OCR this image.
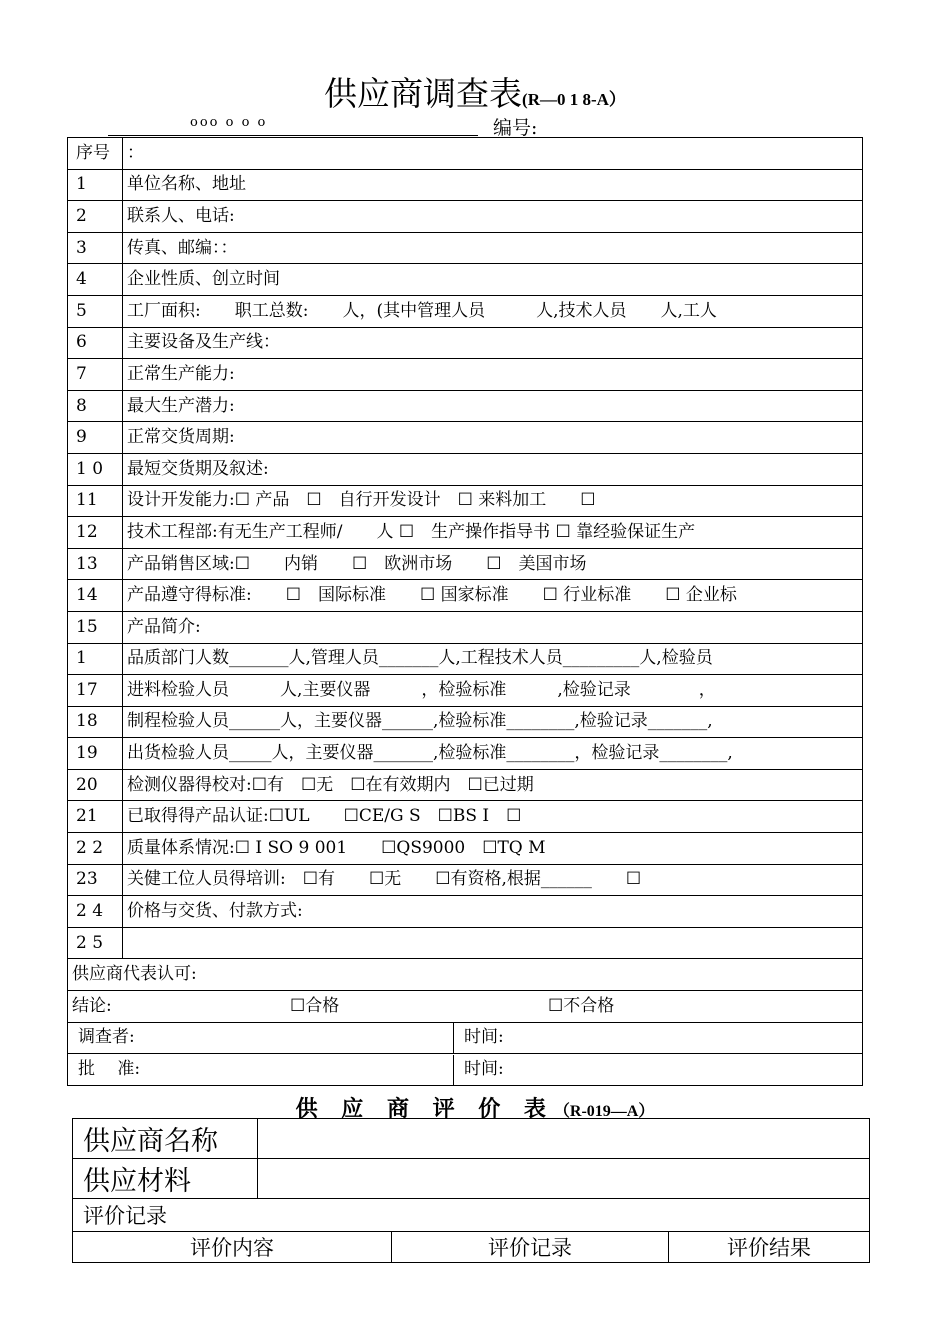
供应商调查表(R—0 1 8-A）
ooo o o o	编号:
序号	：
1	单位名称、地址
2	联系人、电话:
3	传真、邮编：：
4	企业性质、创立时间
5	工厂面积:　　职工总数:　　人，(其中管理人员　　　人,技术人员　　人,工人
6	主要设备及生产线：
7	正常生产能力:
8	最大生产潜力:
9	正常交货周期:
1 0	最短交货期及叙述:
11	设计开发能力:☐ 产品　☐　自行开发设计　☐ 来料加工　　☐
12	技术工程部:有无生产工程师/　　人 ☐　生产操作指导书 ☐ 靠经验保证生产
13	产品销售区域:☐　　内销　　☐　欧洲市场　　☐　美国市场
14	产品遵守得标准:　　☐　国际标准　　☐ 国家标准　　☐ 行业标准　　☐ 企业标
15	产品简介:
1	品质部门人数_______人,管理人员_______人,工程技术人员_________人,检验员
17	进料检验人员　　　人,主要仪器　　　，检验标准　　　,检验记录　　　　，
18	制程检验人员______人，主要仪器______,检验标准________,检验记录_______,
19	出货检验人员_____人，主要仪器_______,检验标准________，检验记录________,
20	检测仪器得校对:☐有　☐无　☐在有效期内　☐已过期
21	已取得得产品认证:☐UL　　☐CE/G S　☐BS I　☐
2 2	质量体系情况:☐ I SO 9 001　　☐QS9000　☐TQ M
23	关健工位人员得培训:　☐有　　☐无　　☐有资格,根据______　　☐
2 4	价格与交货、付款方式:
2 5	
供应商代表认可:	
结论: ☐合格 ☐不合格	

调查者: 时间:	

批　 准: 时间:	
供 应 商 评 价 表（R-019—A）
供应商名称			
供应材料			
评价记录			
评价内容		评价记录	评价结果
